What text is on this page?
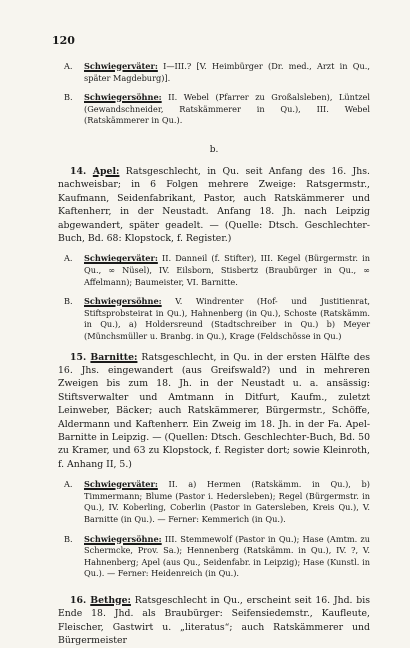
120
A. Schwiegerväter: I—III.? [V. Heimbürger (Dr. med., Arzt in Qu., später Magdeburg)].
B. Schwiegersöhne: II. Webel (Pfarrer zu Großalsleben), Lüntzel (Gewandschneider, Ratskämmerer in Qu.), III. Webel (Ratskämmerer in Qu.).
b.
14. Apel: Ratsgeschlecht, in Qu. seit Anfang des 16. Jhs. nachweisbar; in 6 Folgen mehrere Zweige: Ratsgermstr., Kaufmann, Seidenfabrikant, Pastor, auch Ratskämmerer und Kaftenherr, in der Neustadt. Anfang 18. Jh. nach Leipzig abgewandert, später geadelt. — (Quelle: Dtsch. Geschlechter-Buch, Bd. 68: Klopstock, f. Register.)
A. Schwiegerväter: II. Danneil (f. Stifter), III. Kegel (Bürgermstr. in Qu., ∞ Nüsel), IV. Eilsborn, Stisbertz (Braubürger in Qu., ∞ Affelmann); Baumeister, VI. Barnitte.
B. Schwiegersöhne: V. Windrenter (Hof- und Justitienrat, Stiftsprobsteirat in Qu.), Hahnenberg (in Qu.), Schoste (Ratskämm. in Qu.), a) Holdersreund (Stadtschreiber in Qu.) b) Meyer (Münchsmüller u. Branbg. in Qu.), Krage (Feldschösse in Qu.)
15. Barnitte: Ratsgeschlecht, in Qu. in der ersten Hälfte des 16. Jhs. eingewandert (aus Greifswald?) und in mehreren Zweigen bis zum 18. Jh. in der Neustadt u. a. ansässig: Stiftsverwalter und Amtmann in Ditfurt, Kaufm., zuletzt Leinweber, Bäcker; auch Ratskämmerer, Bürgermstr., Schöffe, Aldermann und Kaftenherr. Ein Zweig im 18. Jh. in der Fa. Apel-Barnitte in Leipzig. — (Quellen: Dtsch. Geschlechter-Buch, Bd. 50 zu Kramer, und 63 zu Klopstock, f. Register dort; sowie Kleinroth, f. Anhang II, 5.)
A. Schwiegerväter: II. a) Hermen (Ratskämm. in Qu.), b) Timmermann; Blume (Pastor i. Hedersleben); Regel (Bürgermstr. in Qu.), IV. Koberling, Coberlin (Pastor in Gatersleben, Kreis Qu.), V. Barnitte (in Qu.). — Ferner: Kemmerich (in Qu.).
B. Schwiegersöhne: III. Stemmewolf (Pastor in Qu.); Hase (Amtm. zu Schermcke, Prov. Sa.); Hennenberg (Ratskämm. in Qu.), IV. ?, V. Hahnenberg; Apel (aus Qu., Seidenfabr. in Leipzig); Hase (Kunstl. in Qu.). — Ferner: Heidenreich (in Qu.).
16. Bethge: Ratsgeschlecht in Qu., erscheint seit 16. Jhd. bis Ende 18. Jhd. als Braubürger: Seifensiedemstr., Kaufleute, Fleischer, Gastwirt u. „literatus“; auch Ratskämmerer und Bürgermeister
